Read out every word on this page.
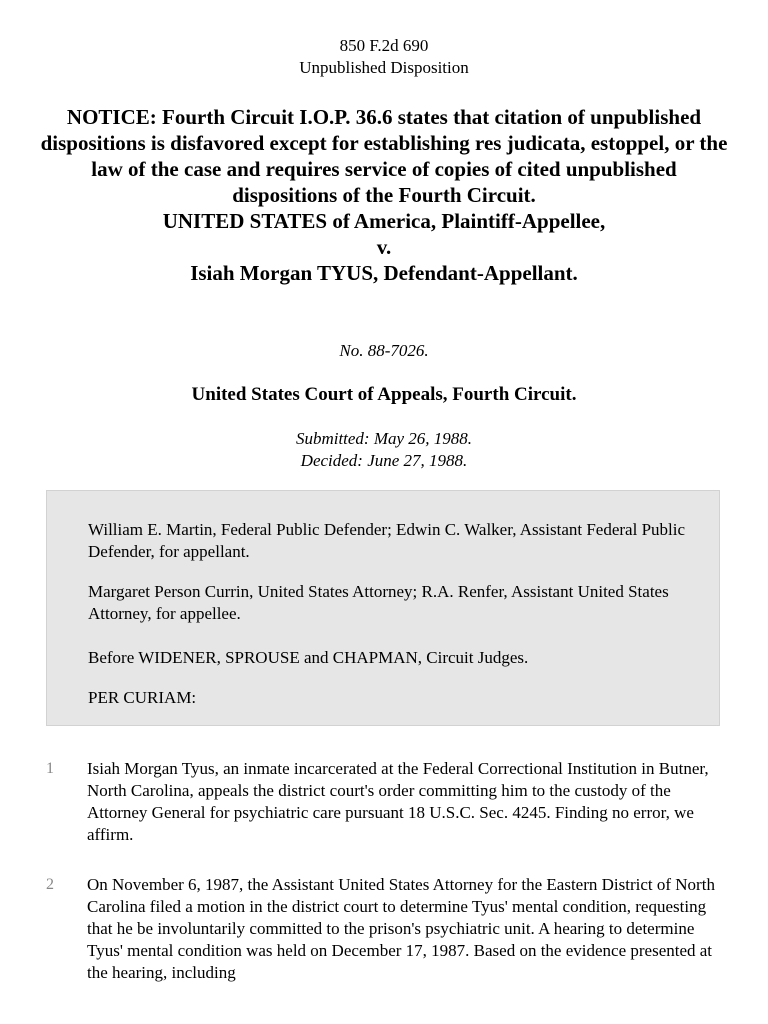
850 F.2d 690
Unpublished Disposition
NOTICE: Fourth Circuit I.O.P. 36.6 states that citation of unpublished dispositions is disfavored except for establishing res judicata, estoppel, or the law of the case and requires service of copies of cited unpublished dispositions of the Fourth Circuit.
UNITED STATES of America, Plaintiff-Appellee,
v.
Isiah Morgan TYUS, Defendant-Appellant.
No. 88-7026.
United States Court of Appeals, Fourth Circuit.
Submitted: May 26, 1988.
Decided: June 27, 1988.

William E. Martin, Federal Public Defender; Edwin C. Walker, Assistant Federal Public Defender, for appellant.

Margaret Person Currin, United States Attorney; R.A. Renfer, Assistant United States Attorney, for appellee.

Before WIDENER, SPROUSE and CHAPMAN, Circuit Judges.

PER CURIAM:

1 Isiah Morgan Tyus, an inmate incarcerated at the Federal Correctional Institution in Butner, North Carolina, appeals the district court's order committing him to the custody of the Attorney General for psychiatric care pursuant 18 U.S.C. Sec. 4245. Finding no error, we affirm.

2 On November 6, 1987, the Assistant United States Attorney for the Eastern District of North Carolina filed a motion in the district court to determine Tyus' mental condition, requesting that he be involuntarily committed to the prison's psychiatric unit. A hearing to determine Tyus' mental condition was held on December 17, 1987. Based on the evidence presented at the hearing, including
